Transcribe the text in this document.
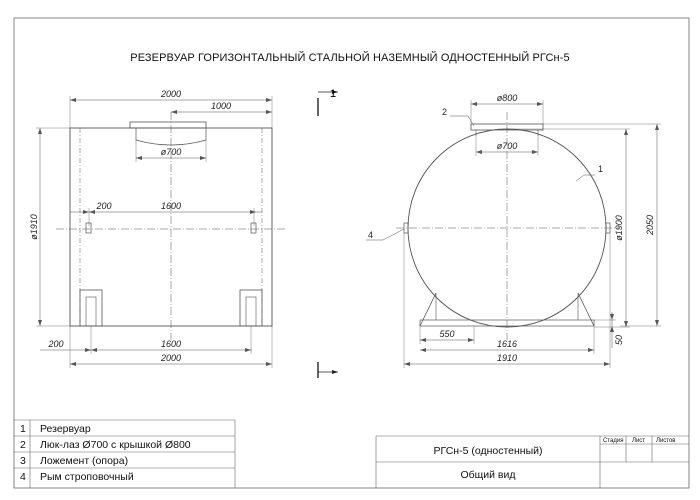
2000
1000
ø700
ø1910
200	1600
200	1600
2000
1	ø800
ø700
ø1900 2050
550
1616
1910
50
2
1
4
1 Резервуар
2 Люк-лаз Ø700 с крышкой Ø800
3 Ложемент (опора)
4 Рым строповочный
РГСн-5 (одностенный)
Общий вид
Стадия Лист Листов
РЕЗЕРВУАР ГОРИЗОНТАЛЬНЫЙ СТАЛЬНОЙ НАЗЕМНЫЙ ОДНОСТЕННЫЙ РГСн-5
